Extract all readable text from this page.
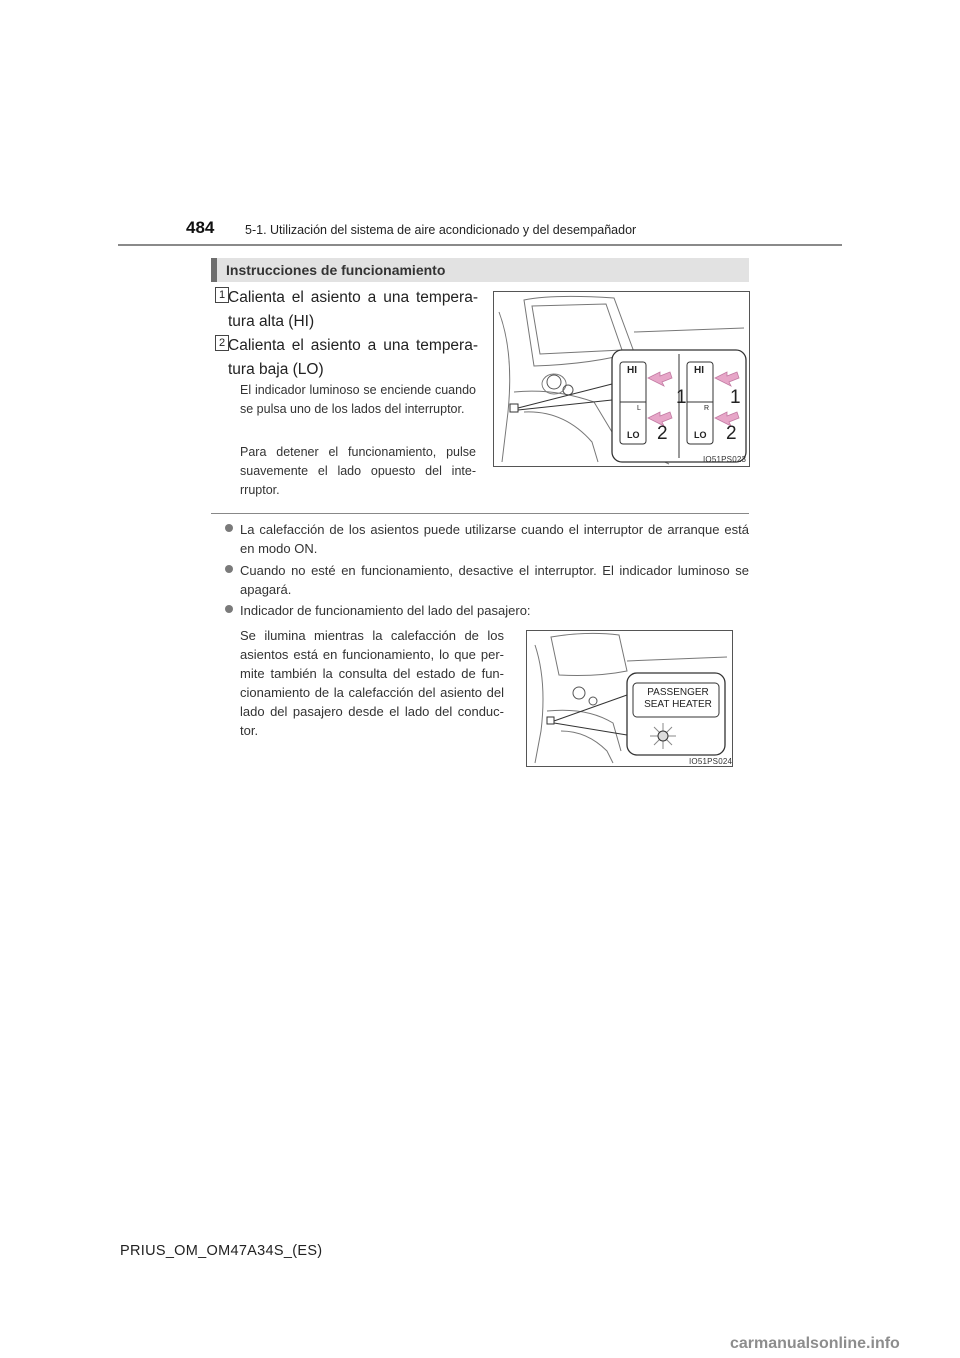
484 5-1. Utilización del sistema de aire acondicionado y del desempañador
Instrucciones de funcionamiento
1 Calienta el asiento a una tempera-tura alta (HI)
2 Calienta el asiento a una tempera-tura baja (LO)
El indicador luminoso se enciende cuando se pulsa uno de los lados del interruptor.
Para detener el funcionamiento, pulse suavemente el lado opuesto del inte-rruptor.
HI
LO
L
HI
LO
R
1
2
1
2
IO51PS023
La calefacción de los asientos puede utilizarse cuando el interruptor de arranque está en modo ON.
Cuando no esté en funcionamiento, desactive el interruptor. El indicador luminoso se apagará.
Indicador de funcionamiento del lado del pasajero:
Se ilumina mientras la calefacción de los asientos está en funcionamiento, lo que per-mite también la consulta del estado de fun-cionamiento de la calefacción del asiento del lado del pasajero desde el lado del conduc-tor.
PASSENGER
SEAT HEATER
IO51PS024
PRIUS_OM_OM47A34S_(ES)
carmanualsonline.info
